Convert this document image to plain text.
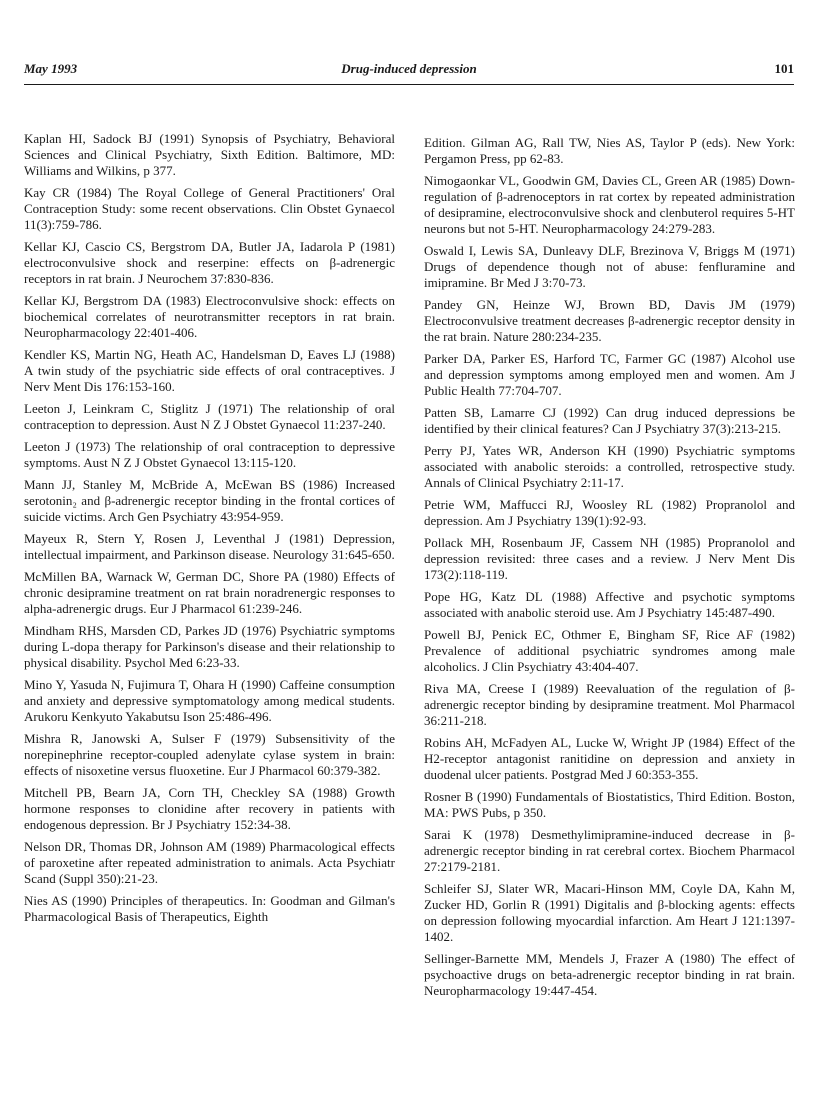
May 1993	Drug-induced depression	101

Kaplan HI, Sadock BJ (1991) Synopsis of Psychiatry, Behavioral Sciences and Clinical Psychiatry, Sixth Edition. Baltimore, MD: Williams and Wilkins, p 377.

Kay CR (1984) The Royal College of General Practitioners' Oral Contraception Study: some recent observations. Clin Obstet Gynaecol 11(3):759-786.

Kellar KJ, Cascio CS, Bergstrom DA, Butler JA, Iadarola P (1981) electroconvulsive shock and reserpine: effects on β-adrenergic receptors in rat brain. J Neurochem 37:830-836.

Kellar KJ, Bergstrom DA (1983) Electroconvulsive shock: effects on biochemical correlates of neurotransmitter receptors in rat brain. Neuropharmacology 22:401-406.

Kendler KS, Martin NG, Heath AC, Handelsman D, Eaves LJ (1988) A twin study of the psychiatric side effects of oral contraceptives. J Nerv Ment Dis 176:153-160.

Leeton J, Leinkram C, Stiglitz J (1971) The relationship of oral contraception to depression. Aust N Z J Obstet Gynaecol 11:237-240.

Leeton J (1973) The relationship of oral contraception to depressive symptoms. Aust N Z J Obstet Gynaecol 13:115-120.

Mann JJ, Stanley M, McBride A, McEwan BS (1986) Increased serotonin₂ and β-adrenergic receptor binding in the frontal cortices of suicide victims. Arch Gen Psychiatry 43:954-959.

Mayeux R, Stern Y, Rosen J, Leventhal J (1981) Depression, intellectual impairment, and Parkinson disease. Neurology 31:645-650.

McMillen BA, Warnack W, German DC, Shore PA (1980) Effects of chronic desipramine treatment on rat brain noradrenergic responses to alpha-adrenergic drugs. Eur J Pharmacol 61:239-246.

Mindham RHS, Marsden CD, Parkes JD (1976) Psychiatric symptoms during L-dopa therapy for Parkinson's disease and their relationship to physical disability. Psychol Med 6:23-33.

Mino Y, Yasuda N, Fujimura T, Ohara H (1990) Caffeine consumption and anxiety and depressive symptomatology among medical students. Arukoru Kenkyuto Yakabutsu Ison 25:486-496.

Mishra R, Janowski A, Sulser F (1979) Subsensitivity of the norepinephrine receptor-coupled adenylate cylase system in brain: effects of nisoxetine versus fluoxetine. Eur J Pharmacol 60:379-382.

Mitchell PB, Bearn JA, Corn TH, Checkley SA (1988) Growth hormone responses to clonidine after recovery in patients with endogenous depression. Br J Psychiatry 152:34-38.

Nelson DR, Thomas DR, Johnson AM (1989) Pharmacological effects of paroxetine after repeated administration to animals. Acta Psychiatr Scand (Suppl 350):21-23.

Nies AS (1990) Principles of therapeutics. In: Goodman and Gilman's Pharmacological Basis of Therapeutics, Eighth

Edition. Gilman AG, Rall TW, Nies AS, Taylor P (eds). New York: Pergamon Press, pp 62-83.

Nimogaonkar VL, Goodwin GM, Davies CL, Green AR (1985) Down-regulation of β-adrenoceptors in rat cortex by repeated administration of desipramine, electroconvulsive shock and clenbuterol requires 5-HT neurons but not 5-HT. Neuropharmacology 24:279-283.

Oswald I, Lewis SA, Dunleavy DLF, Brezinova V, Briggs M (1971) Drugs of dependence though not of abuse: fenfluramine and imipramine. Br Med J 3:70-73.

Pandey GN, Heinze WJ, Brown BD, Davis JM (1979) Electroconvulsive treatment decreases β-adrenergic receptor density in the rat brain. Nature 280:234-235.

Parker DA, Parker ES, Harford TC, Farmer GC (1987) Alcohol use and depression symptoms among employed men and women. Am J Public Health 77:704-707.

Patten SB, Lamarre CJ (1992) Can drug induced depressions be identified by their clinical features? Can J Psychiatry 37(3):213-215.

Perry PJ, Yates WR, Anderson KH (1990) Psychiatric symptoms associated with anabolic steroids: a controlled, retrospective study. Annals of Clinical Psychiatry 2:11-17.

Petrie WM, Maffucci RJ, Woosley RL (1982) Propranolol and depression. Am J Psychiatry 139(1):92-93.

Pollack MH, Rosenbaum JF, Cassem NH (1985) Propranolol and depression revisited: three cases and a review. J Nerv Ment Dis 173(2):118-119.

Pope HG, Katz DL (1988) Affective and psychotic symptoms associated with anabolic steroid use. Am J Psychiatry 145:487-490.

Powell BJ, Penick EC, Othmer E, Bingham SF, Rice AF (1982) Prevalence of additional psychiatric syndromes among male alcoholics. J Clin Psychiatry 43:404-407.

Riva MA, Creese I (1989) Reevaluation of the regulation of β-adrenergic receptor binding by desipramine treatment. Mol Pharmacol 36:211-218.

Robins AH, McFadyen AL, Lucke W, Wright JP (1984) Effect of the H2-receptor antagonist ranitidine on depression and anxiety in duodenal ulcer patients. Postgrad Med J 60:353-355.

Rosner B (1990) Fundamentals of Biostatistics, Third Edition. Boston, MA: PWS Pubs, p 350.

Sarai K (1978) Desmethylimipramine-induced decrease in β-adrenergic receptor binding in rat cerebral cortex. Biochem Pharmacol 27:2179-2181.

Schleifer SJ, Slater WR, Macari-Hinson MM, Coyle DA, Kahn M, Zucker HD, Gorlin R (1991) Digitalis and β-blocking agents: effects on depression following myocardial infarction. Am Heart J 121:1397-1402.

Sellinger-Barnette MM, Mendels J, Frazer A (1980) The effect of psychoactive drugs on beta-adrenergic receptor binding in rat brain. Neuropharmacology 19:447-454.
